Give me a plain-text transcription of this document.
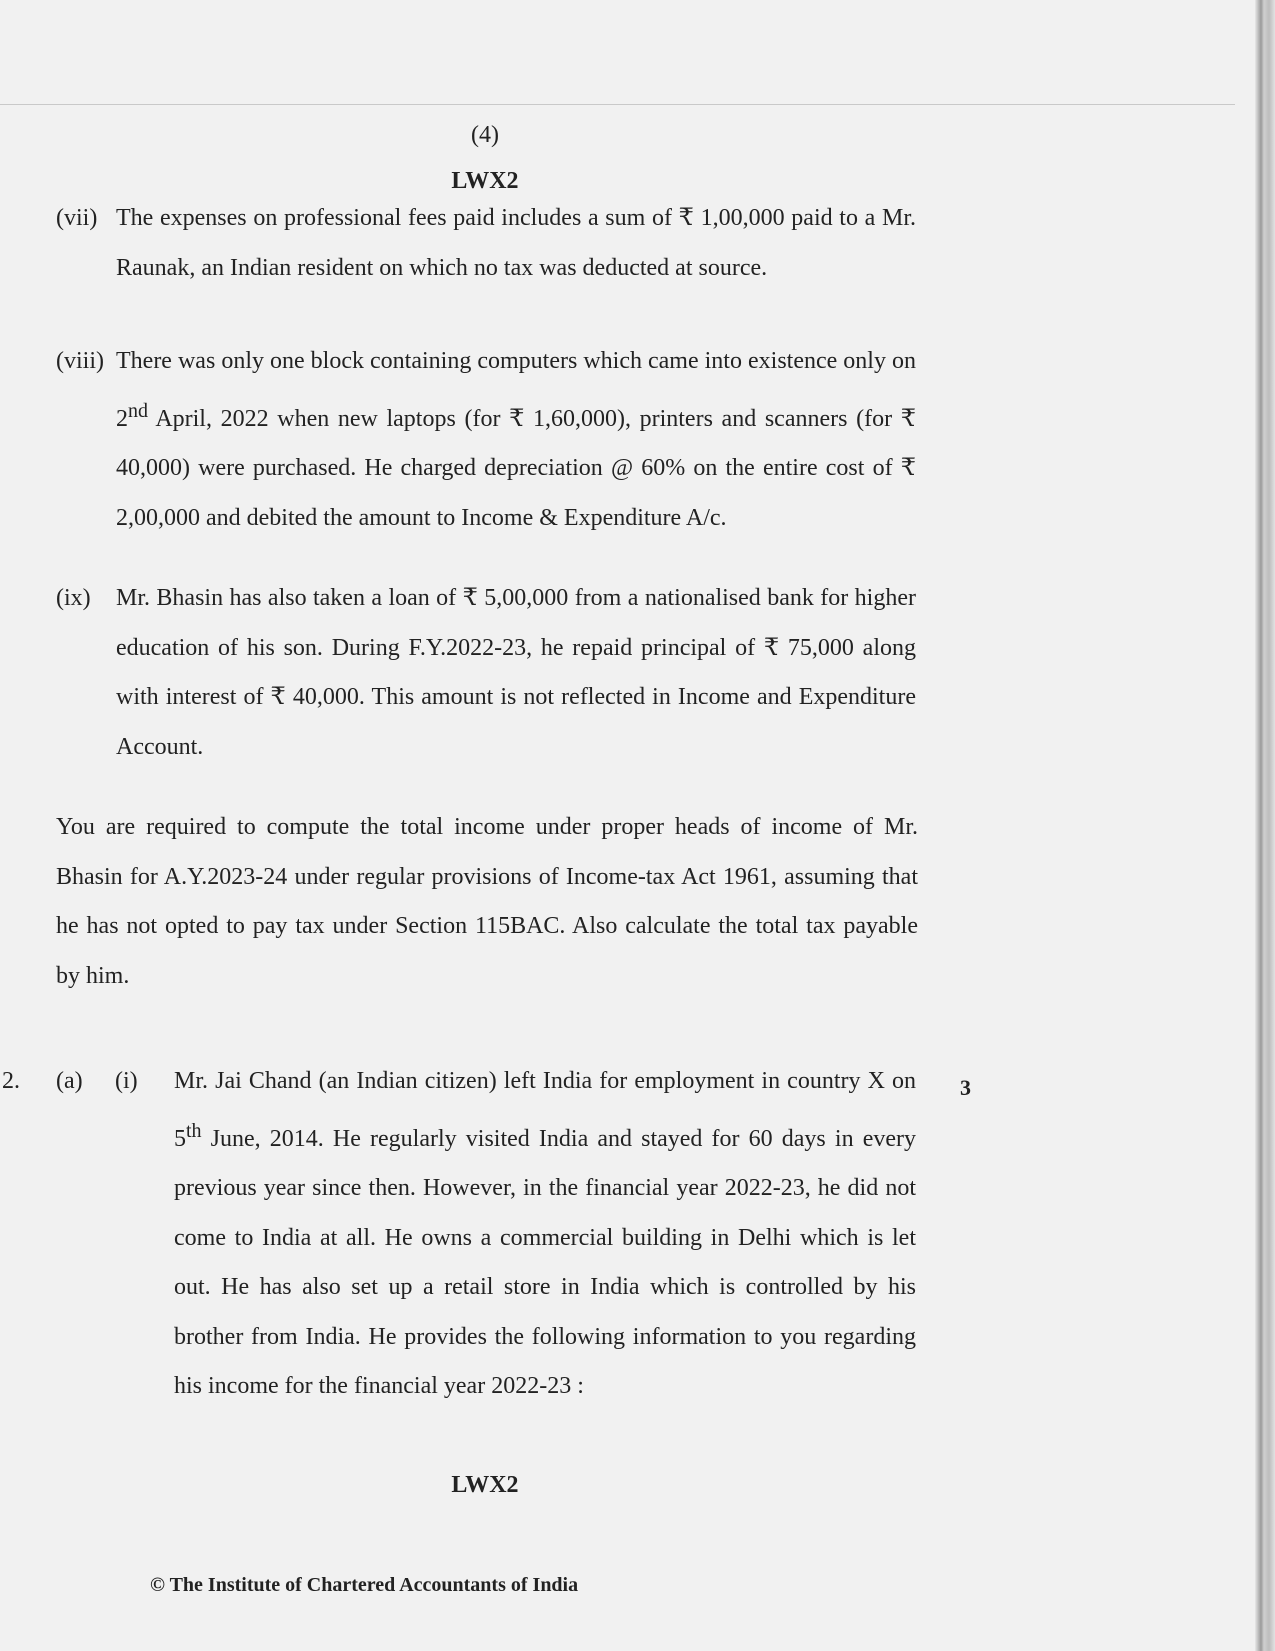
(4)
LWX2
(vii) The expenses on professional fees paid includes a sum of ₹ 1,00,000 paid to a Mr. Raunak, an Indian resident on which no tax was deducted at source.
(viii) There was only one block containing computers which came into existence only on 2nd April, 2022 when new laptops (for ₹ 1,60,000), printers and scanners (for ₹ 40,000) were purchased. He charged depreciation @ 60% on the entire cost of ₹ 2,00,000 and debited the amount to Income & Expenditure A/c.
(ix) Mr. Bhasin has also taken a loan of ₹ 5,00,000 from a nationalised bank for higher education of his son. During F.Y.2022-23, he repaid principal of ₹ 75,000 along with interest of ₹ 40,000. This amount is not reflected in Income and Expenditure Account.
You are required to compute the total income under proper heads of income of Mr. Bhasin for A.Y.2023-24 under regular provisions of Income-tax Act 1961, assuming that he has not opted to pay tax under Section 115BAC. Also calculate the total tax payable by him.
2. (a) (i)	3
Mr. Jai Chand (an Indian citizen) left India for employment in country X on 5th June, 2014. He regularly visited India and stayed for 60 days in every previous year since then. However, in the financial year 2022-23, he did not come to India at all. He owns a commercial building in Delhi which is let out. He has also set up a retail store in India which is controlled by his brother from India. He provides the following information to you regarding his income for the financial year 2022-23 :
LWX2
© The Institute of Chartered Accountants of India
